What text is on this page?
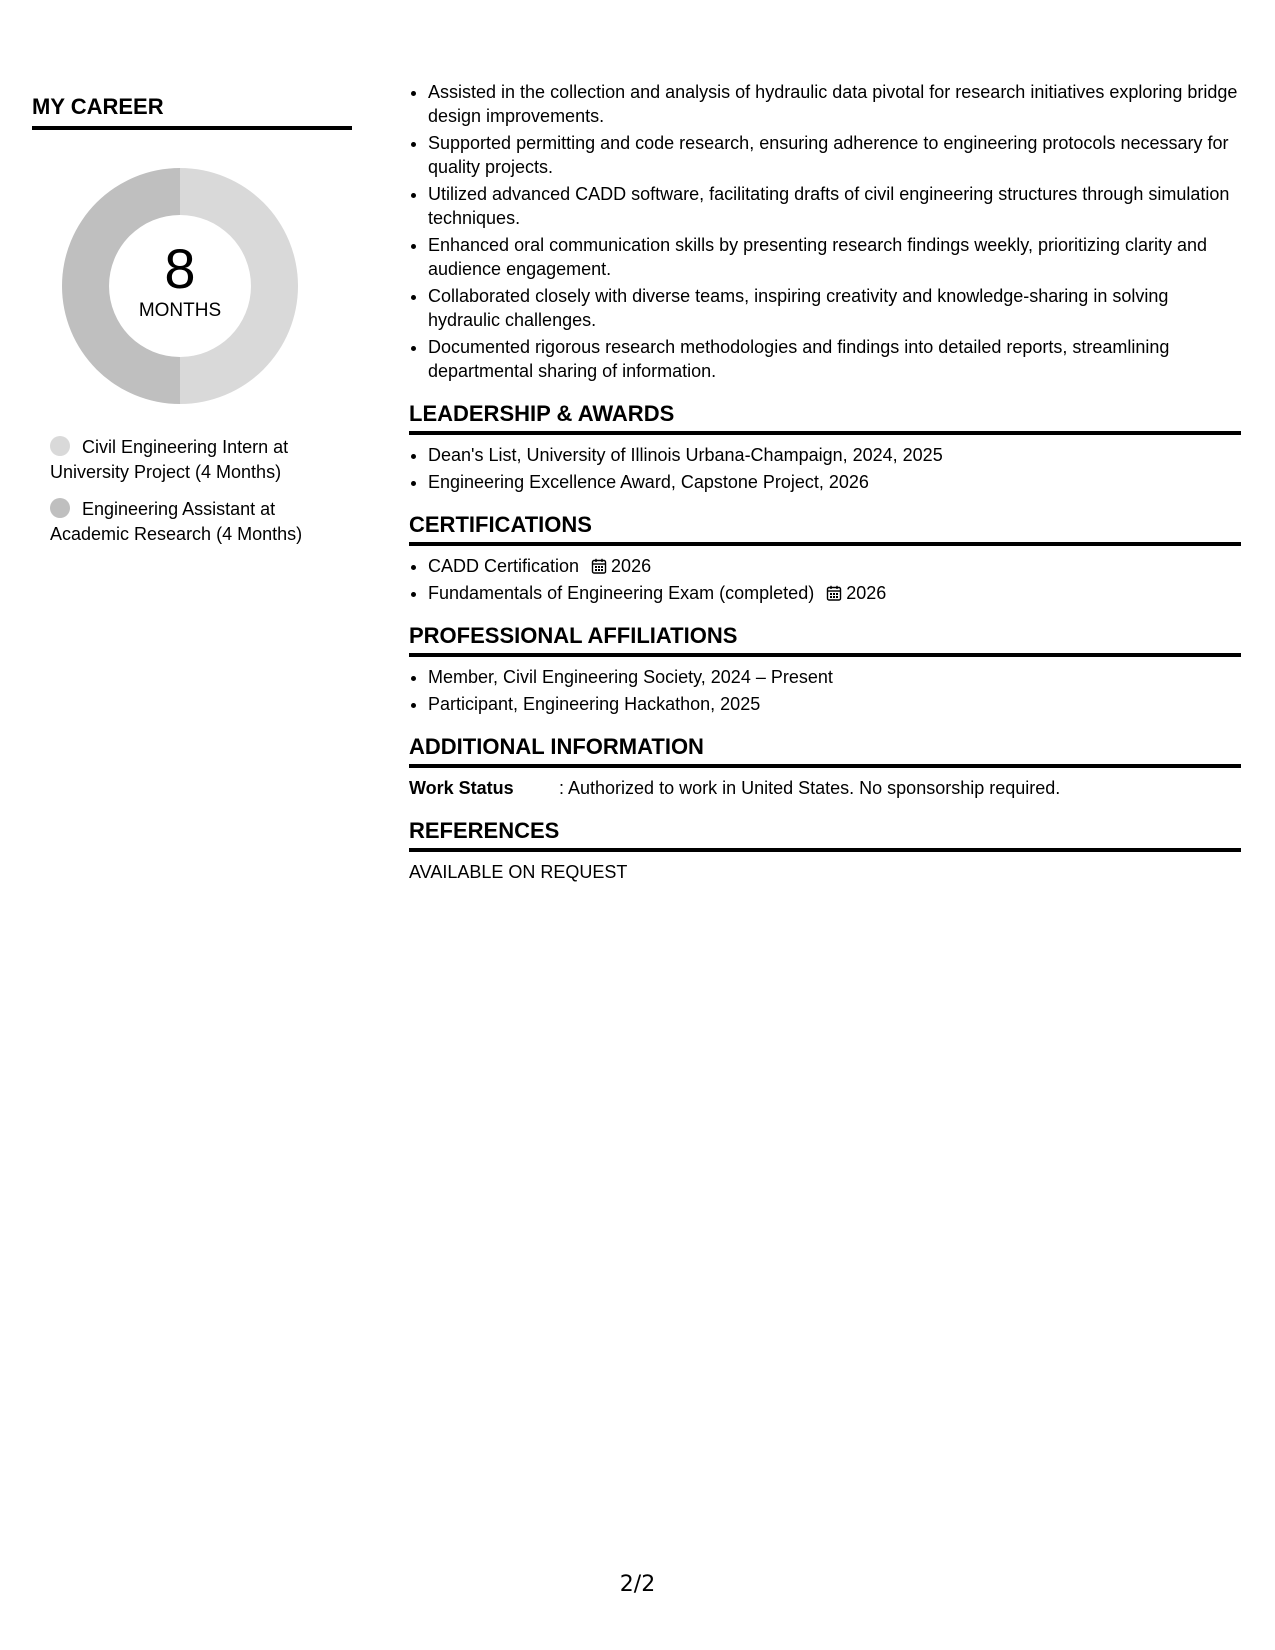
MY CAREER
8
MONTHS
Civil Engineering Intern at University Project (4 Months)
Engineering Assistant at Academic Research (4 Months)
• Assisted in the collection and analysis of hydraulic data pivotal for research initiatives exploring bridge design improvements.
• Supported permitting and code research, ensuring adherence to engineering protocols necessary for quality projects.
• Utilized advanced CADD software, facilitating drafts of civil engineering structures through simulation techniques.
• Enhanced oral communication skills by presenting research findings weekly, prioritizing clarity and audience engagement.
• Collaborated closely with diverse teams, inspiring creativity and knowledge-sharing in solving hydraulic challenges.
• Documented rigorous research methodologies and findings into detailed reports, streamlining departmental sharing of information.
LEADERSHIP & AWARDS
• Dean's List, University of Illinois Urbana-Champaign, 2024, 2025
• Engineering Excellence Award, Capstone Project, 2026
CERTIFICATIONS
• CADD Certification 2026
• Fundamentals of Engineering Exam (completed) 2026
PROFESSIONAL AFFILIATIONS
• Member, Civil Engineering Society, 2024 – Present
• Participant, Engineering Hackathon, 2025
ADDITIONAL INFORMATION
Work Status	: Authorized to work in United States. No sponsorship required.
REFERENCES
AVAILABLE ON REQUEST
2/2
